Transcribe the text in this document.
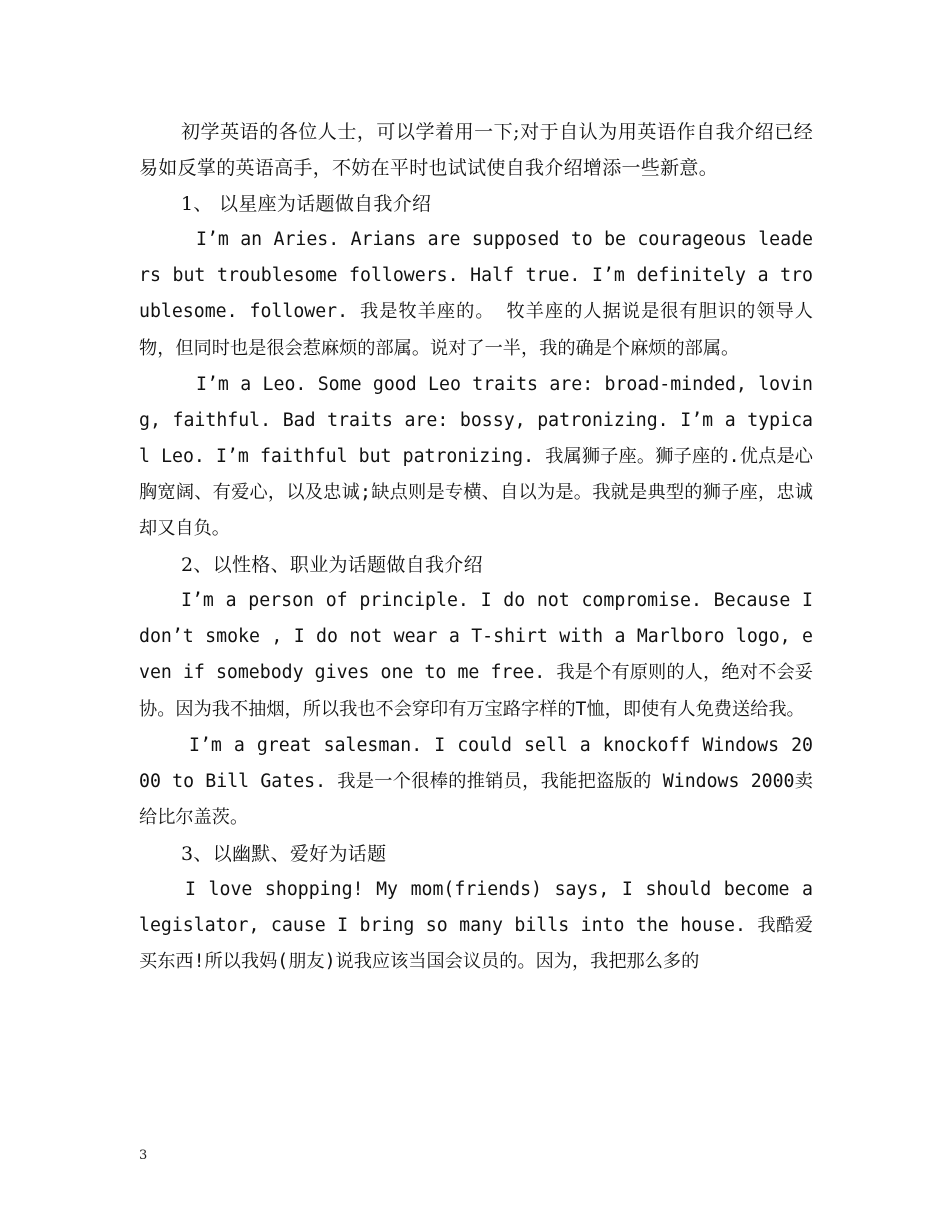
初学英语的各位人士，可以学着用一下;对于自认为用英语作自我介绍已经易如反掌的英语高手，不妨在平时也试试使自我介绍增添一些新意。

1、 以星座为话题做自我介绍

I’m an Aries. Arians are supposed to be courageous leaders but troublesome followers. Half true. I’m definitely a troublesome. follower. 我是牧羊座的。 牧羊座的人据说是很有胆识的领导人物，但同时也是很会惹麻烦的部属。说对了一半，我的确是个麻烦的部属。

I’m a Leo. Some good Leo traits are: broad-minded, loving, faithful. Bad traits are: bossy, patronizing. I’m a typical Leo. I’m faithful but patronizing. 我属狮子座。狮子座的.优点是心胸宽阔、有爱心，以及忠诚;缺点则是专横、自以为是。我就是典型的狮子座，忠诚却又自负。

2、以性格、职业为话题做自我介绍

I’m a person of principle. I do not compromise. Because I don’t smoke , I do not wear a T-shirt with a Marlboro logo, even if somebody gives one to me free. 我是个有原则的人，绝对不会妥协。因为我不抽烟，所以我也不会穿印有万宝路字样的T恤，即使有人免费送给我。

I’m a great salesman. I could sell a knockoff Windows 2000 to Bill Gates. 我是一个很棒的推销员，我能把盗版的 Windows 2000卖给比尔盖茨。

3、以幽默、爱好为话题

I love shopping! My mom(friends) says, I should become a legislator, cause I bring so many bills into the house. 我酷爱买东西!所以我妈(朋友)说我应该当国会议员的。因为，我把那么多的

3
